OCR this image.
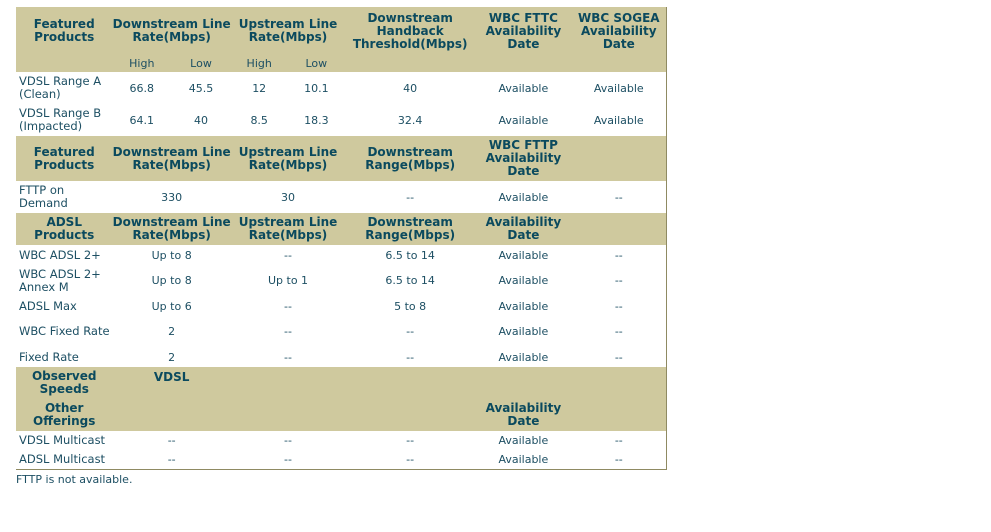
Featured Products	Downstream Line Rate(Mbps)		Upstream Line Rate(Mbps)		Downstream Handback Threshold(Mbps)	WBC FTTC Availability Date	WBC SOGEA Availability Date
	High	Low	High	Low			
VDSL Range A (Clean)	66.8	45.5	12	10.1	40	Available	Available
VDSL Range B (Impacted)	64.1	40	8.5	18.3	32.4	Available	Available
Featured Products	Downstream Line Rate(Mbps)		Upstream Line Rate(Mbps)		Downstream Range(Mbps)	WBC FTTP Availability Date	
FTTP on Demand	330		30		--	Available	--
ADSL Products	Downstream Line Rate(Mbps)		Upstream Line Rate(Mbps)		Downstream Range(Mbps)	Availability Date	
WBC ADSL 2+	Up to 8		--		6.5 to 14	Available	--
WBC ADSL 2+ Annex M	Up to 8		Up to 1		6.5 to 14	Available	--
ADSL Max	Up to 6		--		5 to 8	Available	--
WBC Fixed Rate	2		--		--	Available	--
Fixed Rate	2		--		--	Available	--
Observed Speeds	VDSL						
Other Offerings						Availability Date	
VDSL Multicast	--		--		--	Available	--
ADSL Multicast	--		--		--	Available	--
FTTP is not available.
